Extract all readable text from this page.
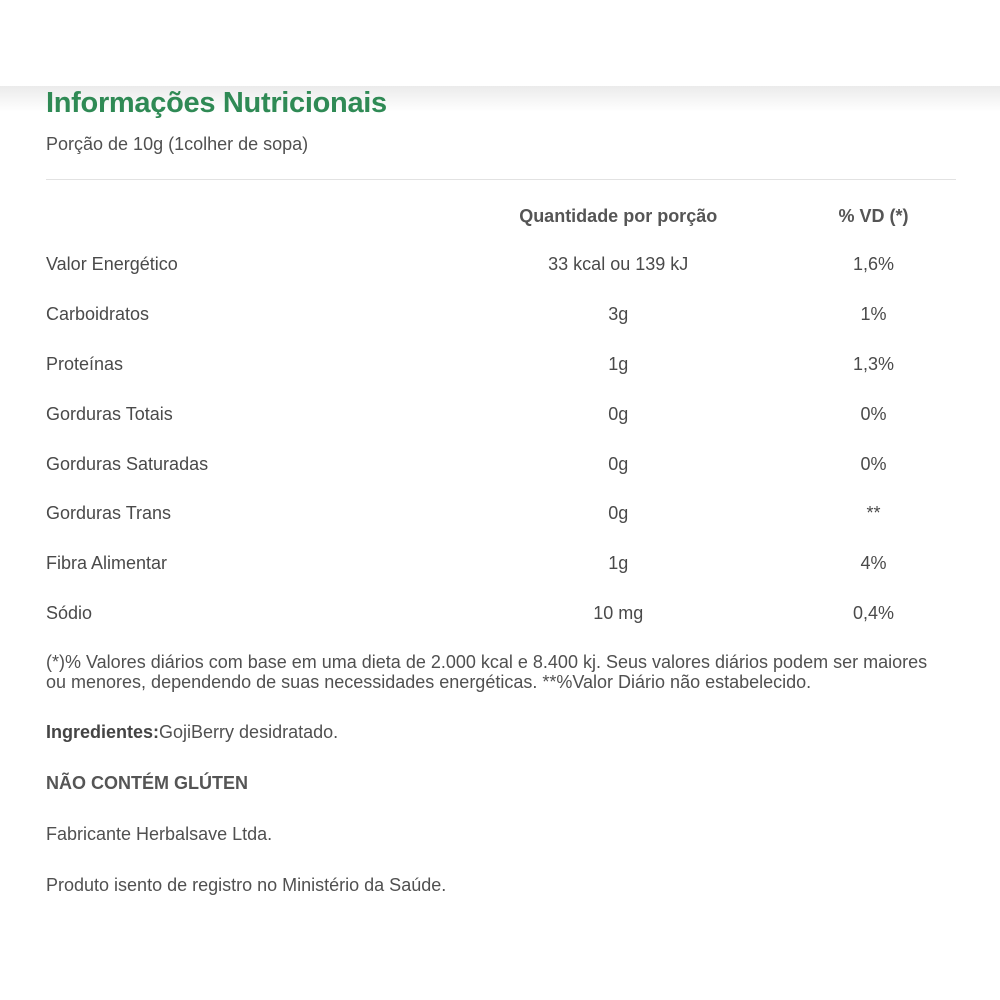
Informações Nutricionais
Porção de 10g (1colher de sopa)
	Quantidade por porção	% VD (*)
Valor Energético	33 kcal ou 139 kJ	1,6%
Carboidratos	3g	1%
Proteínas	1g	1,3%
Gorduras Totais	0g	0%
Gorduras Saturadas	0g	0%
Gorduras Trans	0g	**
Fibra Alimentar	1g	4%
Sódio	10 mg	0,4%
(*)% Valores diários com base em uma dieta de 2.000 kcal e 8.400 kj. Seus valores diários podem ser maiores ou menores, dependendo de suas necessidades energéticas. **%Valor Diário não estabelecido.
Ingredientes:GojiBerry desidratado.
NÃO CONTÉM GLÚTEN
Fabricante Herbalsave Ltda.
Produto isento de registro no Ministério da Saúde.
